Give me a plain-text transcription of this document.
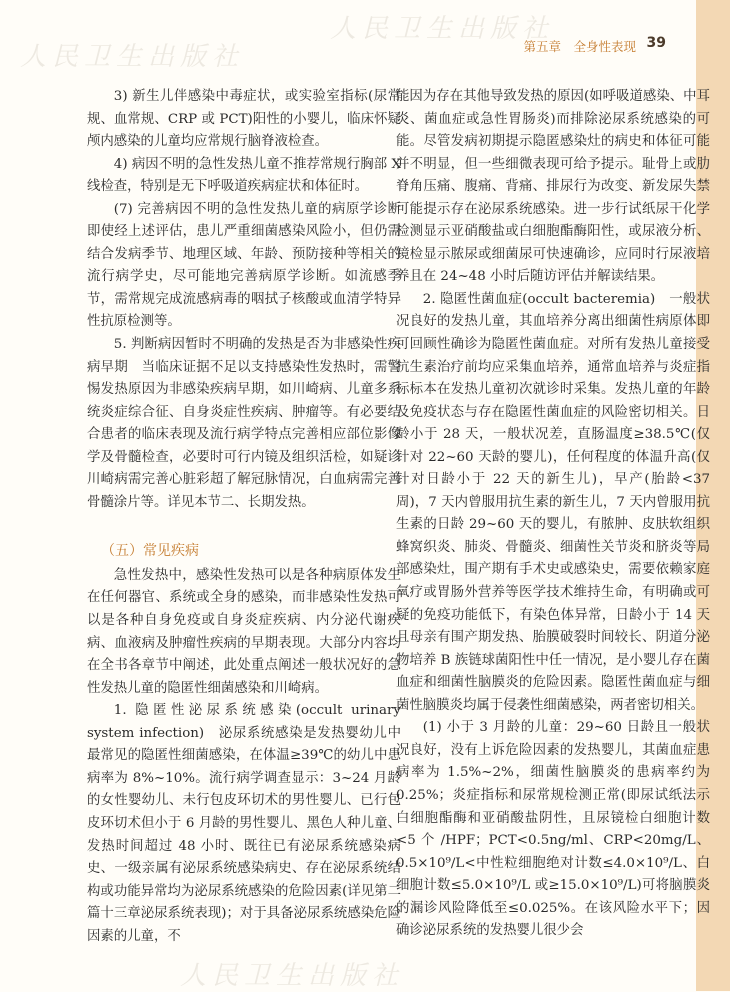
第五章　全身性表现 39
人民卫生出版社
人民卫生出版社
人民卫生出版社

3) 新生儿伴感染中毒症状，或实验室指标(尿常规、血常规、CRP 或 PCT)阳性的小婴儿，临床怀疑颅内感染的儿童均应常规行脑脊液检查。

4) 病因不明的急性发热儿童不推荐常规行胸部 X 线检查，特别是无下呼吸道疾病症状和体征时。

(7) 完善病因不明的急性发热儿童的病原学诊断即使经上述评估，患儿严重细菌感染风险小，但仍需结合发病季节、地理区域、年龄、预防接种等相关的流行病学史，尽可能地完善病原学诊断。如流感季节，需常规完成流感病毒的咽拭子核酸或血清学特异性抗原检测等。

5. 判断病因暂时不明确的发热是否为非感染性疾病早期　当临床证据不足以支持感染性发热时，需警惕发热原因为非感染疾病早期，如川崎病、儿童多系统炎症综合征、自身炎症性疾病、肿瘤等。有必要结合患者的临床表现及流行病学特点完善相应部位影像学及骨髓检查，必要时可行内镜及组织活检，如疑诊川崎病需完善心脏彩超了解冠脉情况，白血病需完善骨髓涂片等。详见本节二、长期发热。

（五）常见疾病

急性发热中，感染性发热可以是各种病原体发生在任何器官、系统或全身的感染，而非感染性发热可以是各种自身免疫或自身炎症疾病、内分泌代谢疾病、血液病及肿瘤性疾病的早期表现。大部分内容均在全书各章节中阐述，此处重点阐述一般状况好的急性发热儿童的隐匿性细菌感染和川崎病。

1. 隐匿性泌尿系统感染(occult urinary system infection)　泌尿系统感染是发热婴幼儿中最常见的隐匿性细菌感染，在体温≥39℃的幼儿中患病率为 8%~10%。流行病学调查显示：3~24 月龄的女性婴幼儿、未行包皮环切术的男性婴儿、已行包皮环切术但小于 6 月龄的男性婴儿、黑色人种儿童、发热时间超过 48 小时、既往已有泌尿系统感染病史、一级亲属有泌尿系统感染病史、存在泌尿系统结构或功能异常均为泌尿系统感染的危险因素(详见第二篇十三章泌尿系统表现)；对于具备泌尿系统感染危险因素的儿童，不

能因为存在其他导致发热的原因(如呼吸道感染、中耳炎、菌血症或急性胃肠炎)而排除泌尿系统感染的可能。尽管发病初期提示隐匿感染灶的病史和体征可能并不明显，但一些细微表现可给予提示。耻骨上或肋脊角压痛、腹痛、背痛、排尿行为改变、新发尿失禁可能提示存在泌尿系统感染。进一步行试纸尿干化学检测显示亚硝酸盐或白细胞酯酶阳性，或尿液分析、镜检显示脓尿或细菌尿可快速确诊，应同时行尿液培养且在 24~48 小时后随访评估并解读结果。

2. 隐匿性菌血症(occult bacteremia)　一般状况良好的发热儿童，其血培养分离出细菌性病原体即可回顾性确诊为隐匿性菌血症。对所有发热儿童接受抗生素治疗前均应采集血培养，通常血培养与炎症指标标本在发热儿童初次就诊时采集。发热儿童的年龄及免疫状态与存在隐匿性菌血症的风险密切相关。日龄小于 28 天，一般状况差，直肠温度≥38.5℃(仅针对 22~60 天龄的婴儿)，任何程度的体温升高(仅针对日龄小于 22 天的新生儿)，早产(胎龄<37 周)，7 天内曾服用抗生素的新生儿，7 天内曾服用抗生素的日龄 29~60 天的婴儿，有脓肿、皮肤软组织蜂窝织炎、肺炎、骨髓炎、细菌性关节炎和脐炎等局部感染灶，围产期有手术史或感染史，需要依赖家庭氧疗或胃肠外营养等医学技术维持生命，有明确或可疑的免疫功能低下，有染色体异常，日龄小于 14 天且母亲有围产期发热、胎膜破裂时间较长、阴道分泌物培养 B 族链球菌阳性中任一情况，是小婴儿存在菌血症和细菌性脑膜炎的危险因素。隐匿性菌血症与细菌性脑膜炎均属于侵袭性细菌感染，两者密切相关。

(1) 小于 3 月龄的儿童：29~60 日龄且一般状况良好，没有上诉危险因素的发热婴儿，其菌血症患病率为 1.5%~2%，细菌性脑膜炎的患病率约为 0.25%；炎症指标和尿常规检测正常(即尿试纸法示白细胞酯酶和亚硝酸盐阴性，且尿镜检白细胞计数<5 个 /HPF；PCT<0.5ng/ml、CRP<20mg/L、0.5×10⁹/L<中性粒细胞绝对计数≤4.0×10⁹/L、白细胞计数≤5.0×10⁹/L 或≥15.0×10⁹/L)可将脑膜炎的漏诊风险降低至≤0.025%。在该风险水平下；因确诊泌尿系统的发热婴儿很少会
